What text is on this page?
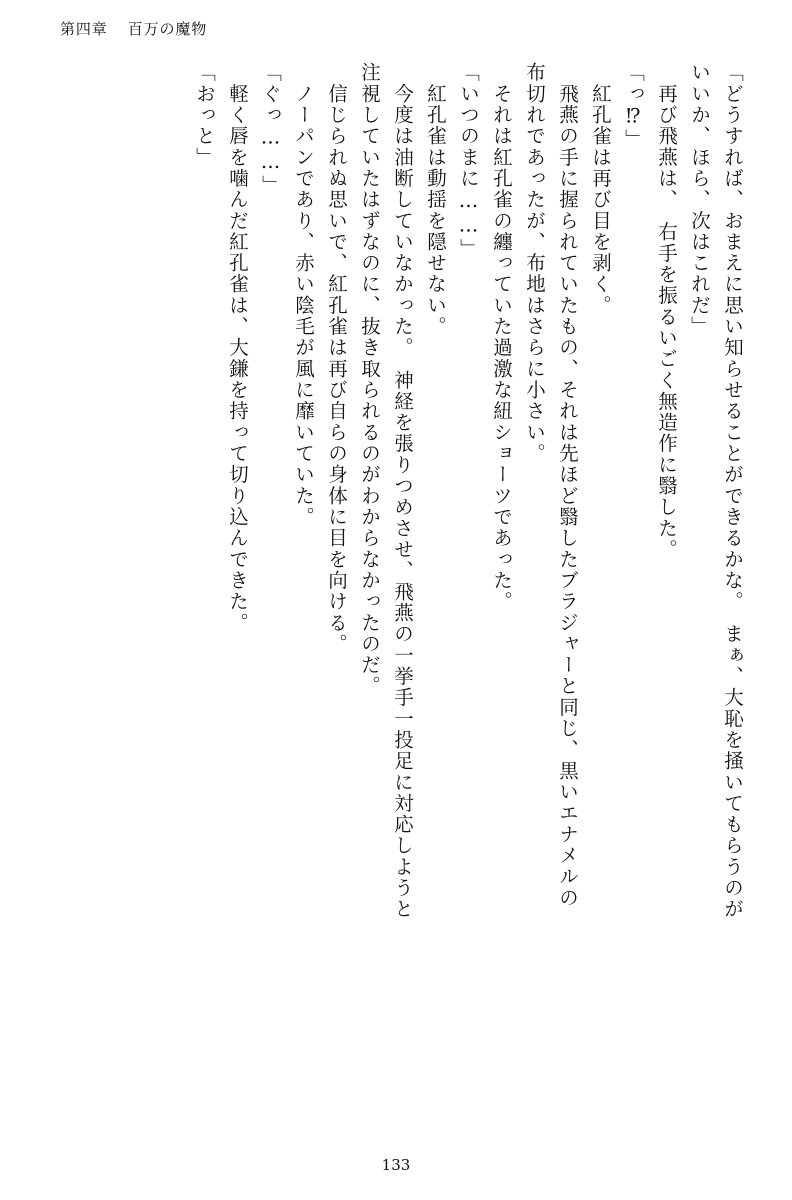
第四章 百万の魔物
「どうすれば、おまえに思い知らせることができるかな。　まぁ、大恥を掻いてもらうのが
いいか、ほら、次はこれだ」
　再び飛燕は、　右手を振るいごく無造作に翳した。
「っ⁉」
　紅孔雀は再び目を剥く。
　飛燕の手に握られていたもの、それは先ほど翳したブラジャーと同じ、黒いエナメルの
布切れであったが、布地はさらに小さい。
　それは紅孔雀の纏っていた過激な紐ショーツであった。
「いつのまに……」
　紅孔雀は動揺を隠せない。
　今度は油断していなかった。　神経を張りつめさせ、飛燕の一挙手一投足に対応しようと
注視していたはずなのに、抜き取られるのがわからなかったのだ。
　信じられぬ思いで、紅孔雀は再び自らの身体に目を向ける。
　ノーパンであり、赤い陰毛が風に靡いていた。
「ぐっ……」
　軽く唇を噛んだ紅孔雀は、大鎌を持って切り込んできた。
「おっと」
133
